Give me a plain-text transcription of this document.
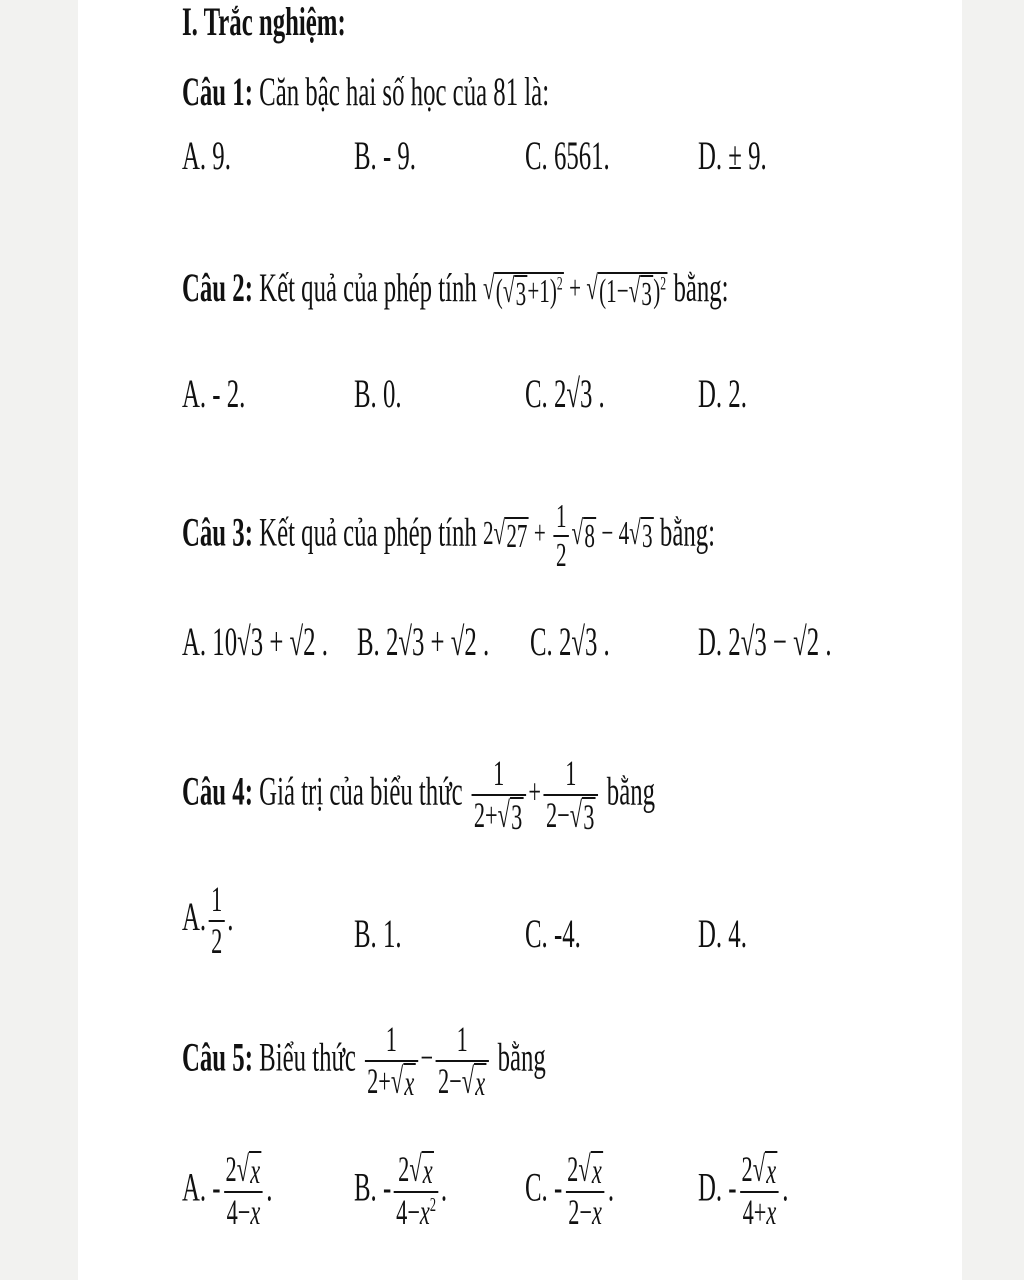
I. Trắc nghiệm:
Câu 1: Căn bậc hai số học của 81 là:
A. 9.	B. - 9.	C. 6561.	D. ± 9.
Câu 2: Kết quả của phép tính √ ( √ 3 +1)$^2$ + √ (1− √ 3 )$^2$ bằng:
A. - 2.	B. 0.	C. 2√3 .	D. 2.
Câu 3: Kết quả của phép tính 2 √ $27 + \frac{1}{2}$ √ 8 − 4 √ 3 bằng:
A. 10√3 + √2 . B. 2√3 + √2 .	C. 2√3 .	D. 2√3 − √2 .
Câu 4: Giá trị của biểu thức $\frac{1}{2+ √ 3} + \frac{1}{2- √ 3}$ bằng
A. $\frac{1}{2}$ .	B. 1.	C. -4.	D. 4.
Câu 5: Biểu thức $\frac{1}{2+ √ x} - \frac{1}{2- √ x}$ bằng
A. - $\frac{2 √ x}{4-x}$ .	B. - $\frac{2 √ x}{4-x^2}$ .	C. - $\frac{2 √ x}{2-x}$ .	D. - $\frac{2 √ x}{4+x}$ .
